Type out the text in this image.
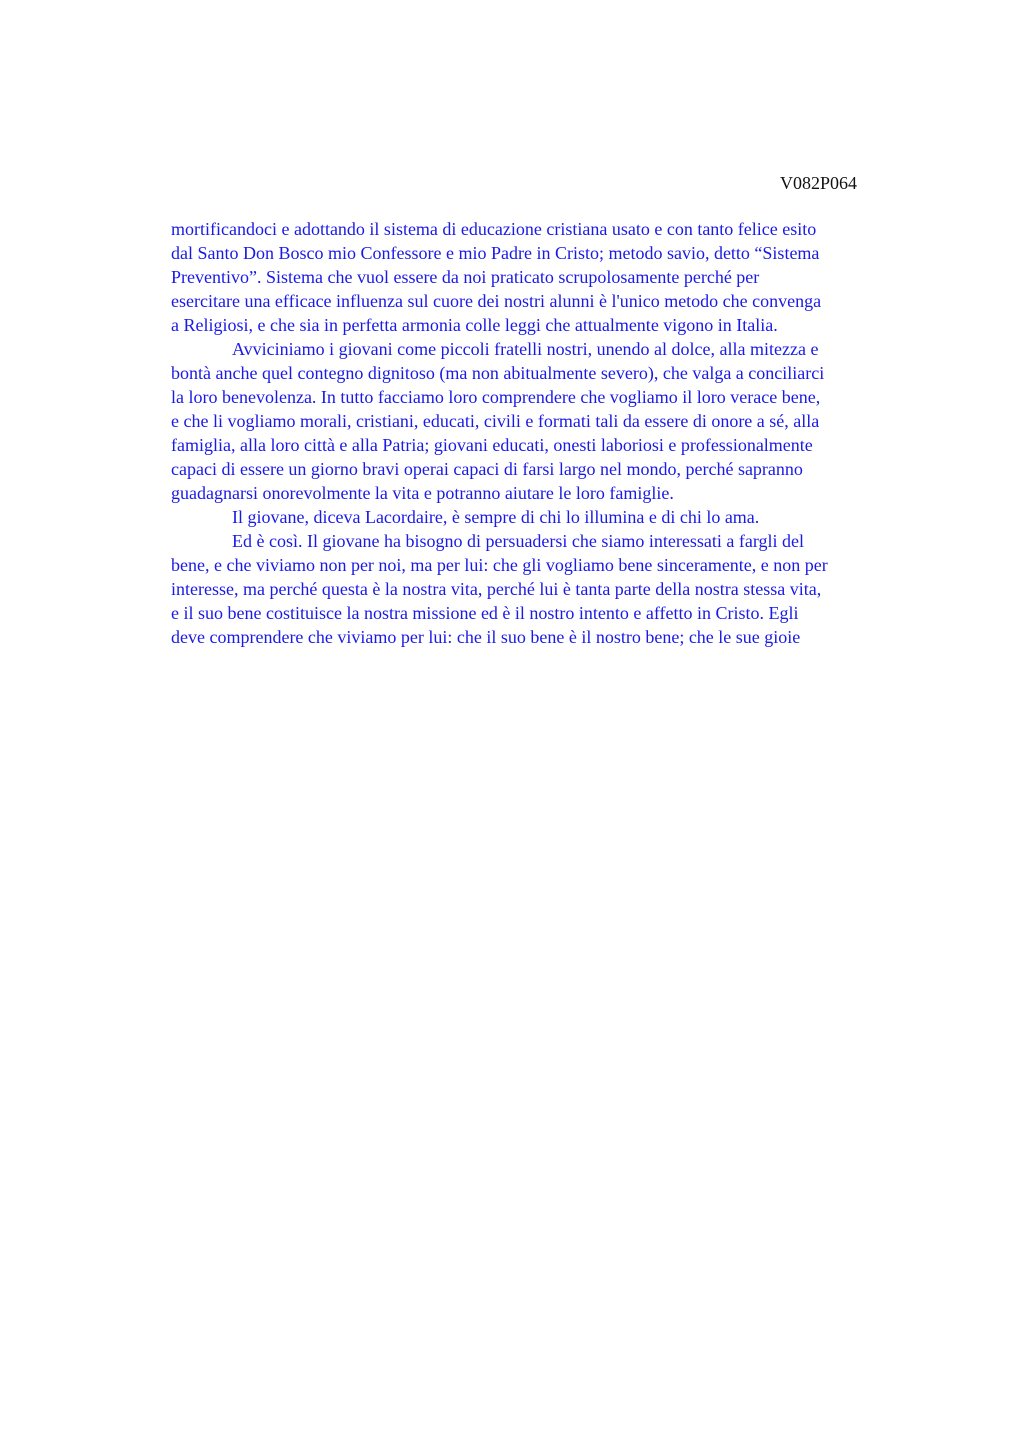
V082P064
mortificandoci e adottando il sistema di educazione cristiana usato e con tanto felice esito
dal Santo Don Bosco mio Confessore e mio Padre in Cristo; metodo savio, detto “Sistema
Preventivo”. Sistema che vuol essere da noi praticato scrupolosamente perché per
esercitare una efficace influenza sul cuore dei nostri alunni è l'unico metodo che convenga
a Religiosi, e che sia in perfetta armonia colle leggi che attualmente vigono in Italia.
Avviciniamo i giovani come piccoli fratelli nostri, unendo al dolce, alla mitezza e
bontà anche quel contegno dignitoso (ma non abitualmente severo), che valga a conciliarci
la loro benevolenza. In tutto facciamo loro comprendere che vogliamo il loro verace bene,
e che li vogliamo morali, cristiani, educati, civili e formati tali da essere di onore a sé, alla
famiglia, alla loro città e alla Patria; giovani educati, onesti laboriosi e professionalmente
capaci di essere un giorno bravi operai capaci di farsi largo nel mondo, perché sapranno
guadagnarsi onorevolmente la vita e potranno aiutare le loro famiglie.
Il giovane, diceva Lacordaire, è sempre di chi lo illumina e di chi lo ama.
Ed è così. Il giovane ha bisogno di persuadersi che siamo interessati a fargli del
bene, e che viviamo non per noi, ma per lui: che gli vogliamo bene sinceramente, e non per
interesse, ma perché questa è la nostra vita, perché lui è tanta parte della nostra stessa vita,
e il suo bene costituisce la nostra missione ed è il nostro intento e affetto in Cristo. Egli
deve comprendere che viviamo per lui: che il suo bene è il nostro bene; che le sue gioie
